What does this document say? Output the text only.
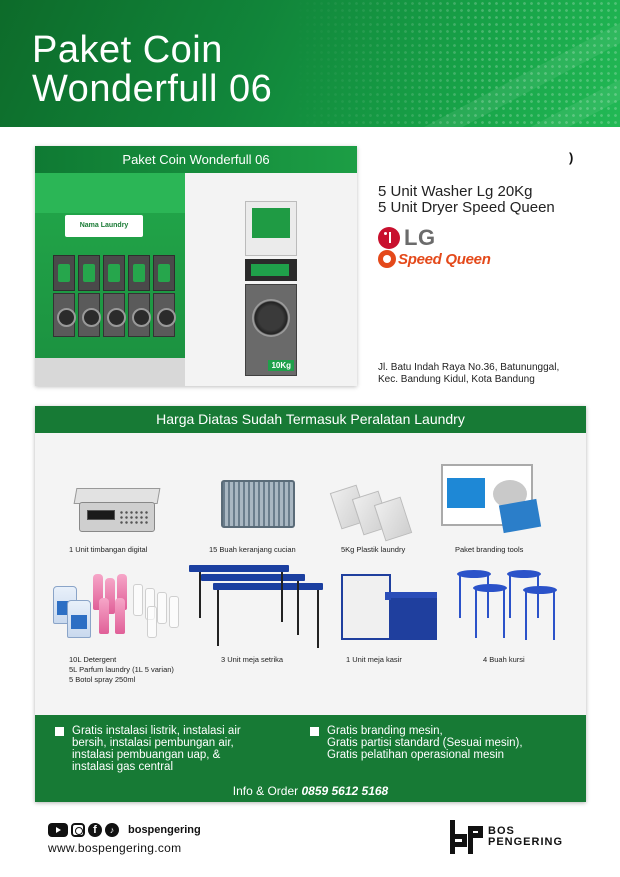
Paket Coin
Wonderfull 06
Paket Coin Wonderfull 06
Nama Laundry
10Kg
)
5 Unit Washer Lg 20Kg
5 Unit Dryer Speed Queen
LG
Speed Queen
Jl. Batu Indah Raya No.36, Batununggal,
Kec. Bandung Kidul, Kota Bandung
Harga Diatas Sudah Termasuk Peralatan Laundry
1 Unit timbangan digital	15 Buah keranjang cucian	5Kg Plastik laundry	Paket branding tools
10L Detergent
5L Parfum laundry (1L 5 varian)
5 Botol spray 250ml
3 Unit meja setrika	1 Unit meja kasir	4 Buah kursi
Gratis instalasi listrik, instalasi air
bersih, instalasi pembungan air,
instalasi pembuangan uap, &
instalasi gas central
Gratis branding mesin,
Gratis partisi standard (Sesuai mesin),
Gratis pelatihan operasional mesin
Info & Order 0859 5612 5168
f	♪	bospengering
www.bospengering.com
BOS
PENGERING
